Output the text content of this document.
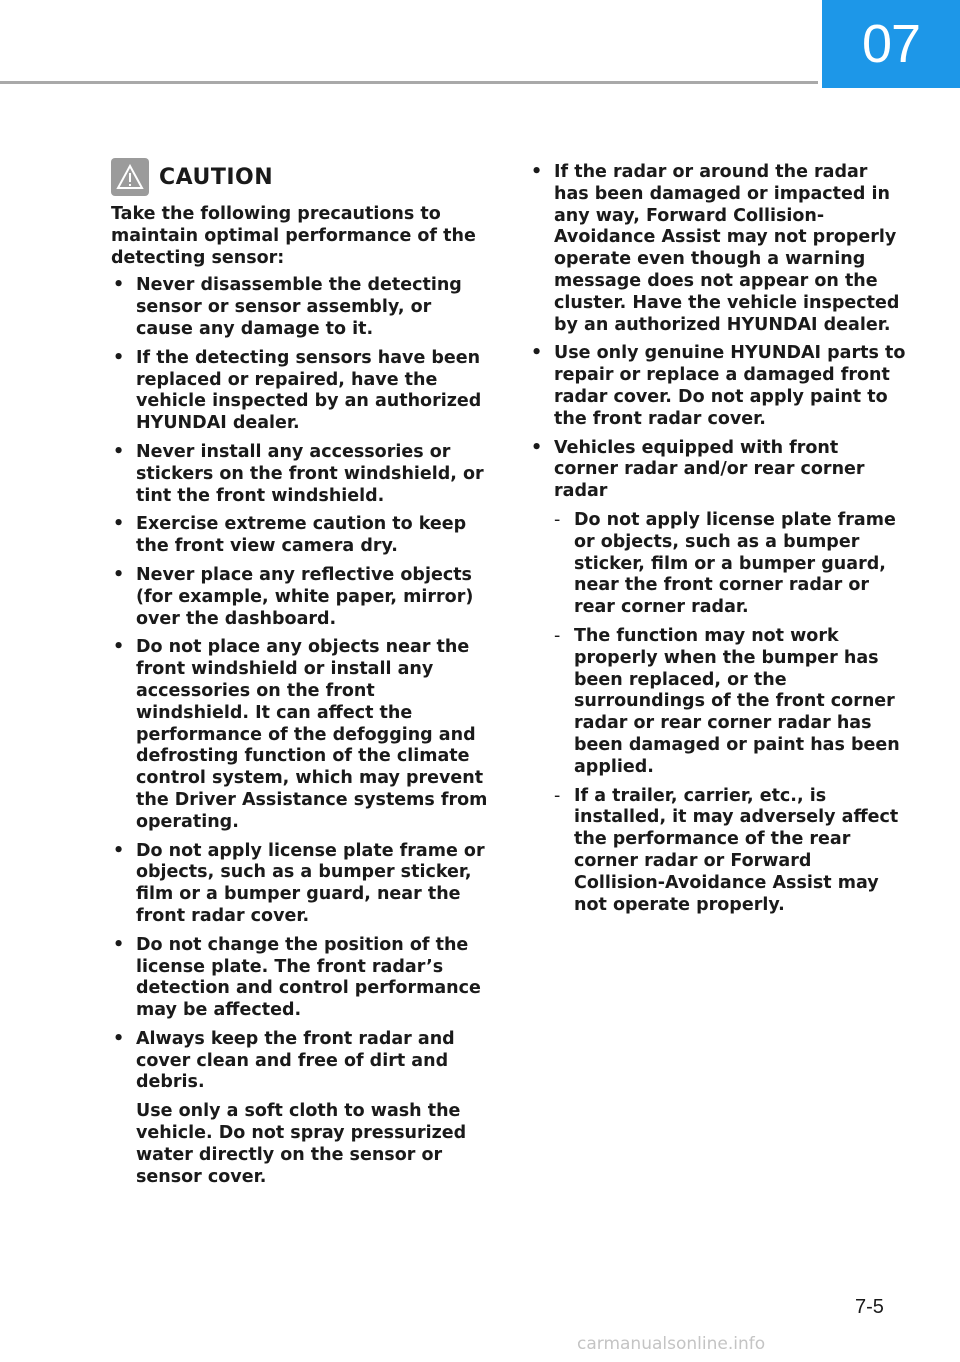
07
CAUTION

Take the following precautions to maintain optimal performance of the detecting sensor:

• Never disassemble the detecting sensor or sensor assembly, or cause any damage to it.
• If the detecting sensors have been replaced or repaired, have the vehicle inspected by an authorized HYUNDAI dealer.
• Never install any accessories or stickers on the front windshield, or tint the front windshield.
• Exercise extreme caution to keep the front view camera dry.
• Never place any reflective objects (for example, white paper, mirror) over the dashboard.
• Do not place any objects near the front windshield or install any accessories on the front windshield. It can affect the performance of the defogging and defrosting function of the climate control system, which may prevent the Driver Assistance systems from operating.
• Do not apply license plate frame or objects, such as a bumper sticker, film or a bumper guard, near the front radar cover.
• Do not change the position of the license plate. The front radar’s detection and control performance may be affected.
• Always keep the front radar and cover clean and free of dirt and debris.
Use only a soft cloth to wash the vehicle. Do not spray pressurized water directly on the sensor or sensor cover.
• If the radar or around the radar has been damaged or impacted in any way, Forward Collision-Avoidance Assist may not properly operate even though a warning message does not appear on the cluster. Have the vehicle inspected by an authorized HYUNDAI dealer.
• Use only genuine HYUNDAI parts to repair or replace a damaged front radar cover. Do not apply paint to the front radar cover.
• Vehicles equipped with front corner radar and/or rear corner radar
- Do not apply license plate frame or objects, such as a bumper sticker, film or a bumper guard, near the front corner radar or rear corner radar.
- The function may not work properly when the bumper has been replaced, or the surroundings of the front corner radar or rear corner radar has been damaged or paint has been applied.
- If a trailer, carrier, etc., is installed, it may adversely affect the performance of the rear corner radar or Forward Collision-Avoidance Assist may not operate properly.
7-5
carmanualsonline.info
